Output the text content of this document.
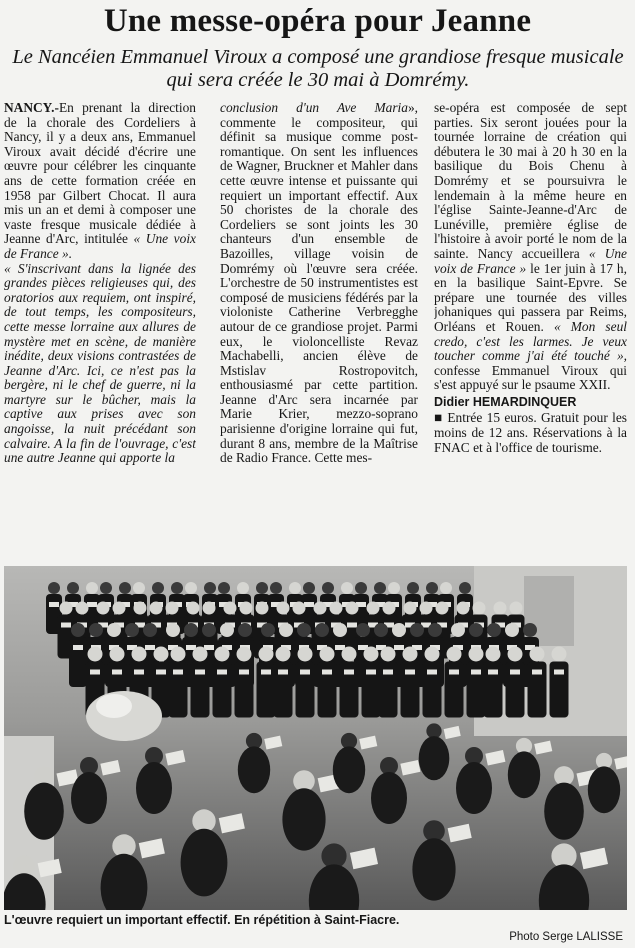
Une messe-opéra pour Jeanne
Le Nancéien Emmanuel Viroux a composé une grandiose fresque musicale qui sera créée le 30 mai à Domrémy.

NANCY.-En prenant la direction de la chorale des Cordeliers à Nancy, il y a deux ans, Emmanuel Viroux avait décidé d'écrire une œuvre pour célébrer les cinquante ans de cette formation créée en 1958 par Gilbert Chocat. Il aura mis un an et demi à composer une vaste fresque musicale dédiée à Jeanne d'Arc, intitulée « Une voix de France ».

« S'inscrivant dans la lignée des grandes pièces religieuses qui, des oratorios aux requiem, ont inspiré, de tout temps, les compositeurs, cette messe lorraine aux allures de mystère met en scène, de manière inédite, deux visions contrastées de Jeanne d'Arc. Ici, ce n'est pas la bergère, ni le chef de guerre, ni la martyre sur le bûcher, mais la captive aux prises avec son angoisse, la nuit précédant son calvaire. A la fin de l'ouvrage, c'est une autre Jeanne qui apporte la

conclusion d'un Ave Maria», commente le compositeur, qui définit sa musique comme post-romantique. On sent les influences de Wagner, Bruckner et Mahler dans cette œuvre intense et puissante qui requiert un important effectif. Aux 50 choristes de la chorale des Cordeliers se sont joints les 30 chanteurs d'un ensemble de Bazoilles, village voisin de Domrémy où l'œuvre sera créée. L'orchestre de 50 instrumentistes est composé de musiciens fédérés par la violoniste Catherine Verbregghe autour de ce grandiose projet. Parmi eux, le violoncelliste Revaz Machabelli, ancien élève de Mstislav Rostropovitch, enthousiasmé par cette partition. Jeanne d'Arc sera incarnée par Marie Krier, mezzo-soprano parisienne d'origine lorraine qui fut, durant 8 ans, membre de la Maîtrise de Radio France. Cette mes-

se-opéra est composée de sept parties. Six seront jouées pour la tournée lorraine de création qui débutera le 30 mai à 20 h 30 en la basilique du Bois Chenu à Domrémy et se poursuivra le lendemain à la même heure en l'église Sainte-Jeanne-d'Arc de Lunéville, première église de l'histoire à avoir porté le nom de la sainte. Nancy accueillera « Une voix de France » le 1er juin à 17 h, en la basilique Saint-Epvre. Se prépare une tournée des villes johaniques qui passera par Reims, Orléans et Rouen. « Mon seul credo, c'est les larmes. Je veux toucher comme j'ai été touché », confesse Emmanuel Viroux qui s'est appuyé sur le psaume XXII.

Didier HEMARDINQUER

■ Entrée 15 euros. Gratuit pour les moins de 12 ans. Réservations à la FNAC et à l'office de tourisme.

L'œuvre requiert un important effectif. En répétition à Saint-Fiacre.
Photo Serge LALISSE
